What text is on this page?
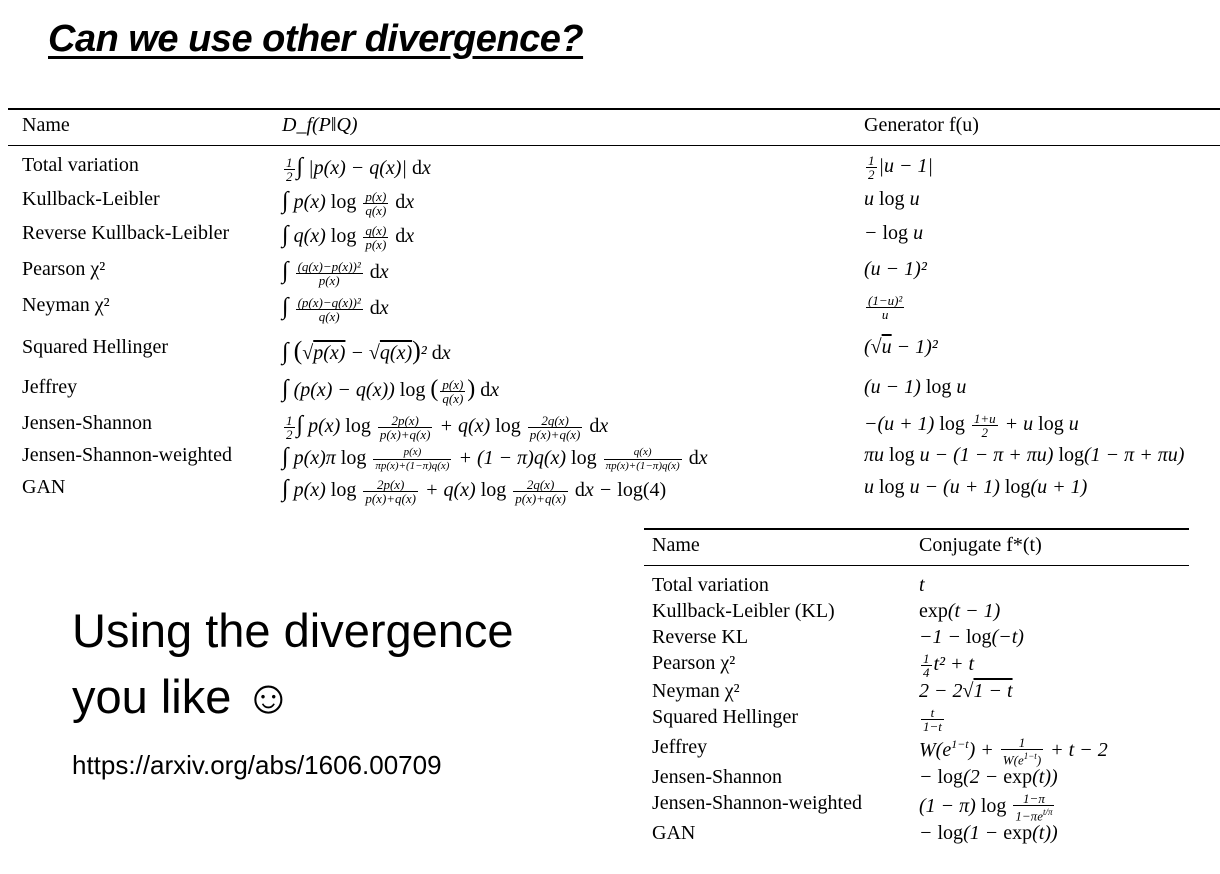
Can we use other divergence?
Name	D_f(P‖Q)	Generator f(u)
Total variation	$\frac{1}{2}$ ∫ |p(x) − q(x)| dx	$\frac{1}{2} |u - 1|$
Kullback-Leibler	∫ p(x) $\log \frac{p(x)}{q(x)}$ dx	u log u
Reverse Kullback-Leibler ∫ q(x) $\log \frac{q(x)}{p(x)}$ dx	− log u
Pearson χ²	∫ $\frac{\text{(q(x)−p(x))²}}{p(x)}$ dx	(u − 1)²
Neyman χ²	∫ $\frac{\text{(p(x)−q(x))²}}{q(x)}$ dx	$\frac{\text{(1−u)²}}{u}$
Squared Hellinger	∫ (√p(x) − √q(x))² dx	(√u − 1)²
Jeffrey	∫ (p(x) − q(x)) log ( $\frac{p(x)}{q(x)}$ ) dx	(u − 1) log u
Jensen-Shannon	$\frac{1}{2}$ ∫ p(x) $\log \frac{2p(x)}{p(x)+q(x)} + q(x)$ $\log \frac{2q(x)}{p(x)+q(x)}$ dx	−(u + 1) $\log \frac{1+u}{2} + u$ log u
Jensen-Shannon-weighted ∫ p(x)π $\log \frac{p(x)}{\pi p(x)+(1-\pi)q(x)} + (1 - \pi)q(x)$ $\log \frac{q(x)}{\pi p(x)+(1-\pi)q(x)}$ dx	πu log u − (1 − π + πu) log(1 − π + πu)
GAN	∫ p(x) $\log \frac{2p(x)}{p(x)+q(x)} + q(x)$ $\log \frac{2q(x)}{p(x)+q(x)}$ dx − log(4)	u log u − (u + 1) log(u + 1)
Using the divergence
you like ☺
https://arxiv.org/abs/1606.00709
Name	Conjugate f*(t)
Total variation	t
Kullback-Leibler (KL)	exp(t − 1)
Reverse KL	−1 − log(−t)
Pearson χ²	$\frac{1}{4} t^2 + t$
Neyman χ²	2 − 2√1 − t
Squared Hellinger	$\frac{t}{1-t}$
Jeffrey	$W(e^{1-t}) + \frac{1}{W(e^{1-t})} + t - 2$
Jensen-Shannon	− log(2 − exp(t))
Jensen-Shannon-weighted	(1 − π) $\log \frac{1-\pi}{1-\pi e^{t/\pi}}$
GAN	− log(1 − exp(t))
